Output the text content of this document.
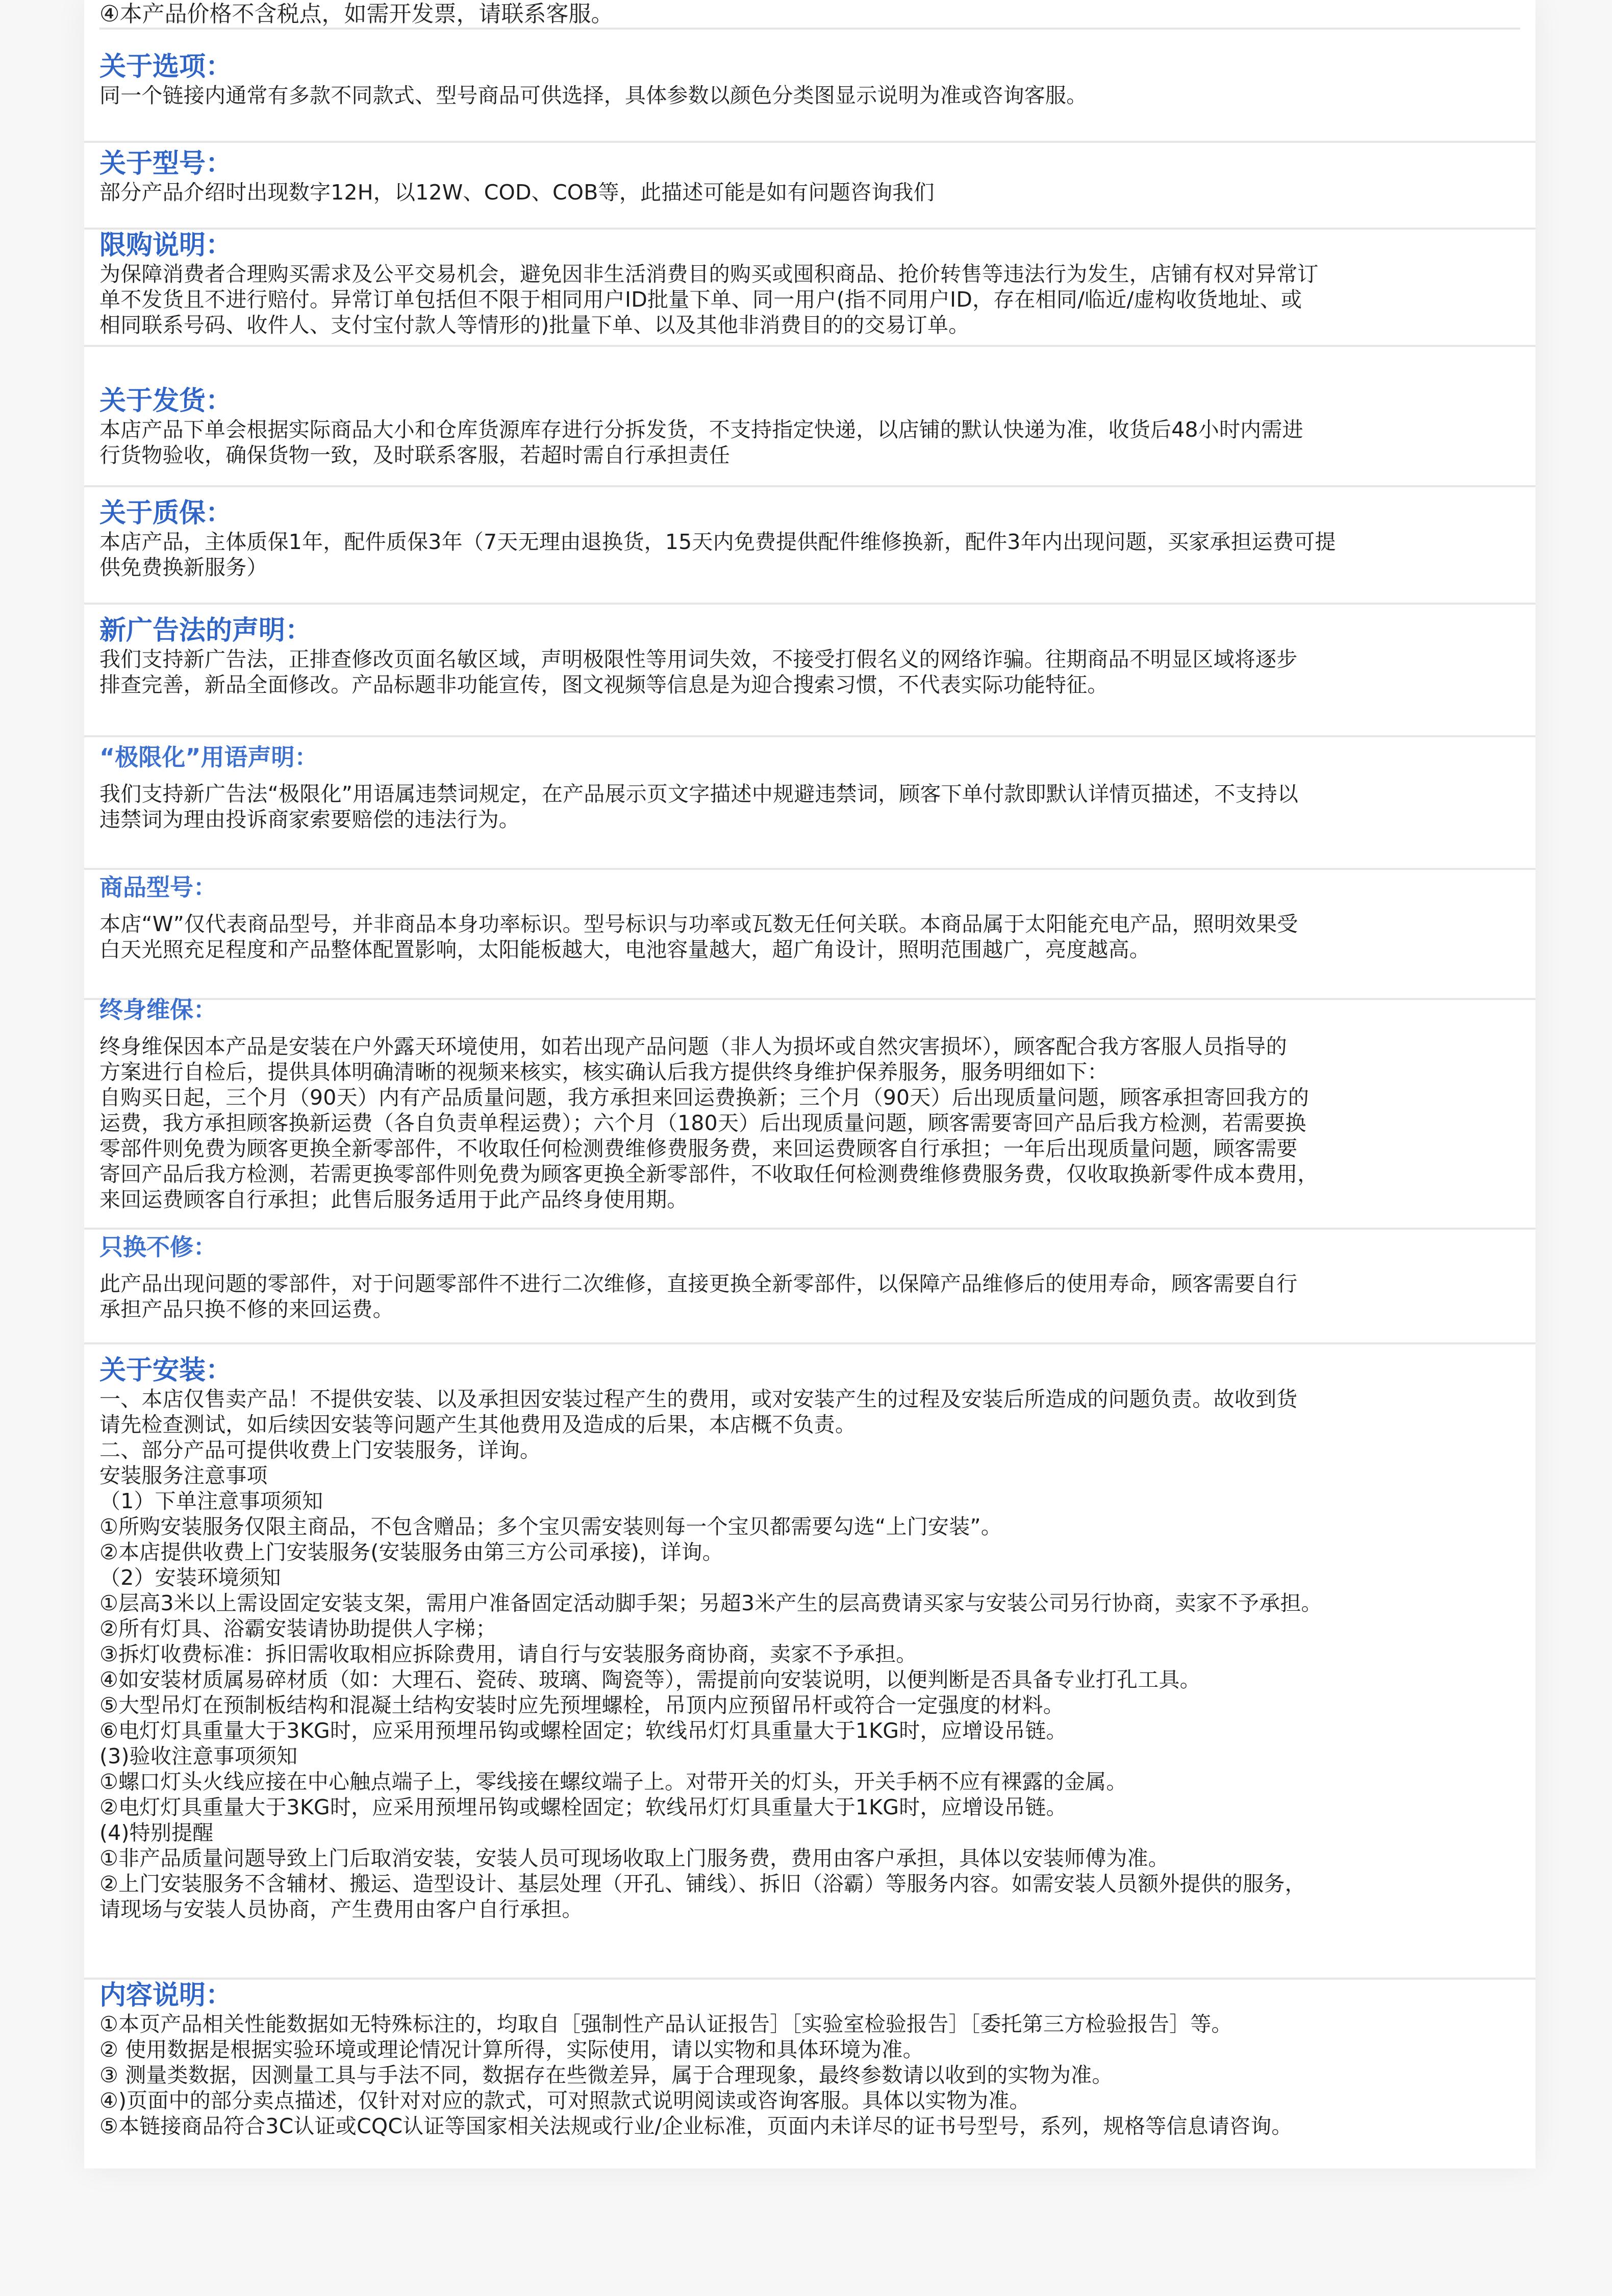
④本产品价格不含税点，如需开发票，请联系客服。
关于选项：
同一个链接内通常有多款不同款式、型号商品可供选择，具体参数以颜色分类图显示说明为准或咨询客服。
关于型号：
部分产品介绍时出现数字12H，以12W、COD、COB等，此描述可能是如有问题咨询我们
限购说明：
为保障消费者合理购买需求及公平交易机会，避免因非生活消费目的购买或囤积商品、抢价转售等违法行为发生，店铺有权对异常订
单不发货且不进行赔付。异常订单包括但不限于相同用户ID批量下单、同一用户(指不同用户ID，存在相同/临近/虚构收货地址、或
相同联系号码、收件人、支付宝付款人等情形的)批量下单、以及其他非消费目的的交易订单。
关于发货：
本店产品下单会根据实际商品大小和仓库货源库存进行分拆发货，不支持指定快递，以店铺的默认快递为准，收货后48小时内需进
行货物验收，确保货物一致，及时联系客服，若超时需自行承担责任
关于质保：
本店产品，主体质保1年，配件质保3年（7天无理由退换货，15天内免费提供配件维修换新，配件3年内出现问题，买家承担运费可提
供免费换新服务）
新广告法的声明：
我们支持新广告法，正排查修改页面名敏区域，声明极限性等用词失效，不接受打假名义的网络诈骗。往期商品不明显区域将逐步
排查完善，新品全面修改。产品标题非功能宣传，图文视频等信息是为迎合搜索习惯，不代表实际功能特征。
“极限化”用语声明：
我们支持新广告法“极限化”用语属违禁词规定，在产品展示页文字描述中规避违禁词，顾客下单付款即默认详情页描述，不支持以
违禁词为理由投诉商家索要赔偿的违法行为。
商品型号：
本店“W”仅代表商品型号，并非商品本身功率标识。型号标识与功率或瓦数无任何关联。本商品属于太阳能充电产品，照明效果受
白天光照充足程度和产品整体配置影响，太阳能板越大，电池容量越大，超广角设计，照明范围越广，亮度越高。
终身维保：
终身维保因本产品是安装在户外露天环境使用，如若出现产品问题（非人为损坏或自然灾害损坏），顾客配合我方客服人员指导的
方案进行自检后，提供具体明确清晰的视频来核实，核实确认后我方提供终身维护保养服务，服务明细如下：
自购买日起，三个月（90天）内有产品质量问题，我方承担来回运费换新；三个月（90天）后出现质量问题，顾客承担寄回我方的
运费，我方承担顾客换新运费（各自负责单程运费）；六个月（180天）后出现质量问题，顾客需要寄回产品后我方检测，若需要换
零部件则免费为顾客更换全新零部件，不收取任何检测费维修费服务费，来回运费顾客自行承担；一年后出现质量问题，顾客需要
寄回产品后我方检测，若需更换零部件则免费为顾客更换全新零部件，不收取任何检测费维修费服务费，仅收取换新零件成本费用，
来回运费顾客自行承担；此售后服务适用于此产品终身使用期。
只换不修：
此产品出现问题的零部件，对于问题零部件不进行二次维修，直接更换全新零部件，以保障产品维修后的使用寿命，顾客需要自行
承担产品只换不修的来回运费。
关于安装：
一、本店仅售卖产品！不提供安装、以及承担因安装过程产生的费用，或对安装产生的过程及安装后所造成的问题负责。故收到货
请先检查测试，如后续因安装等问题产生其他费用及造成的后果，本店概不负责。
二、部分产品可提供收费上门安装服务，详询。
安装服务注意事项
（1）下单注意事项须知
①所购安装服务仅限主商品，不包含赠品；多个宝贝需安装则每一个宝贝都需要勾选“上门安装”。
②本店提供收费上门安装服务(安装服务由第三方公司承接)，详询。
（2）安装环境须知
①层高3米以上需设固定安装支架，需用户准备固定活动脚手架；另超3米产生的层高费请买家与安装公司另行协商，卖家不予承担。
②所有灯具、浴霸安装请协助提供人字梯；
③拆灯收费标准：拆旧需收取相应拆除费用，请自行与安装服务商协商，卖家不予承担。
④如安装材质属易碎材质（如：大理石、瓷砖、玻璃、陶瓷等），需提前向安装说明，以便判断是否具备专业打孔工具。
⑤大型吊灯在预制板结构和混凝土结构安装时应先预埋螺栓，吊顶内应预留吊杆或符合一定强度的材料。
⑥电灯灯具重量大于3KG时，应采用预埋吊钩或螺栓固定；软线吊灯灯具重量大于1KG时，应增设吊链。
(3)验收注意事项须知
①螺口灯头火线应接在中心触点端子上，零线接在螺纹端子上。对带开关的灯头，开关手柄不应有裸露的金属。
②电灯灯具重量大于3KG时，应采用预埋吊钩或螺栓固定；软线吊灯灯具重量大于1KG时，应增设吊链。
(4)特别提醒
①非产品质量问题导致上门后取消安装，安装人员可现场收取上门服务费，费用由客户承担，具体以安装师傅为准。
②上门安装服务不含辅材、搬运、造型设计、基层处理（开孔、铺线）、拆旧（浴霸）等服务内容。如需安装人员额外提供的服务，
请现场与安装人员协商，产生费用由客户自行承担。
内容说明：
①本页产品相关性能数据如无特殊标注的，均取自［强制性产品认证报告］［实验室检验报告］［委托第三方检验报告］等。
② 使用数据是根据实验环境或理论情况计算所得，实际使用，请以实物和具体环境为准。
③ 测量类数据，因测量工具与手法不同，数据存在些微差异，属于合理现象，最终参数请以收到的实物为准。
④)页面中的部分卖点描述，仅针对对应的款式，可对照款式说明阅读或咨询客服。具体以实物为准。
⑤本链接商品符合3C认证或CQC认证等国家相关法规或行业/企业标准，页面内未详尽的证书号型号，系列，规格等信息请咨询。
